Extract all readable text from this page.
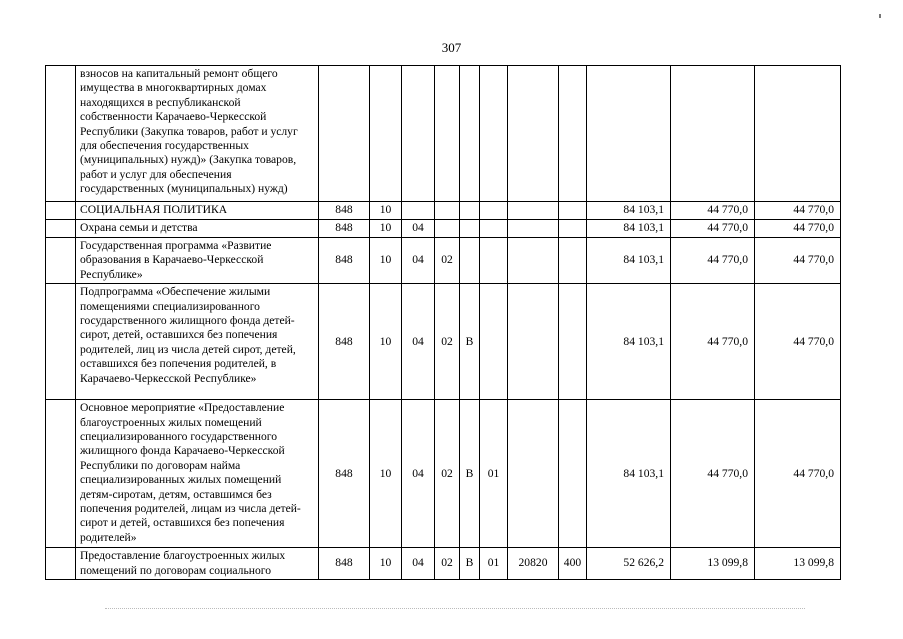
307
	взносов на капитальный ремонт общего имущества в многоквартирных домах находящихся в республиканской собственности Карачаево-Черкесской Республики (Закупка товаров, работ и услуг для обеспечения государственных (муниципальных) нужд)» (Закупка товаров, работ и услуг для обеспечения государственных (муниципальных) нужд)											
	СОЦИАЛЬНАЯ ПОЛИТИКА	848	10							84 103,1	44 770,0	44 770,0
	Охрана семьи и детства	848	10	04						84 103,1	44 770,0	44 770,0
	Государственная программа «Развитие образования в Карачаево-Черкесской Республике»	848	10	04	02					84 103,1	44 770,0	44 770,0
	Подпрограмма «Обеспечение жилыми помещениями специализированного государственного жилищного фонда детей-сирот, детей, оставшихся без попечения родителей, лиц из числа детей сирот, детей, оставшихся без попечения родителей, в Карачаево-Черкесской Республике»	848	10	04	02	В				84 103,1	44 770,0	44 770,0
	Основное мероприятие «Предоставление благоустроенных жилых помещений специализированного государственного жилищного фонда Карачаево-Черкесской Республики по договорам найма специализированных жилых помещений детям-сиротам, детям, оставшимся без попечения родителей, лицам из числа детей-сирот и детей, оставшихся без попечения родителей»	848	10	04	02	В	01			84 103,1	44 770,0	44 770,0
	Предоставление благоустроенных жилых помещений по договорам социального	848	10	04	02	В	01	20820	400	52 626,2	13 099,8	13 099,8
